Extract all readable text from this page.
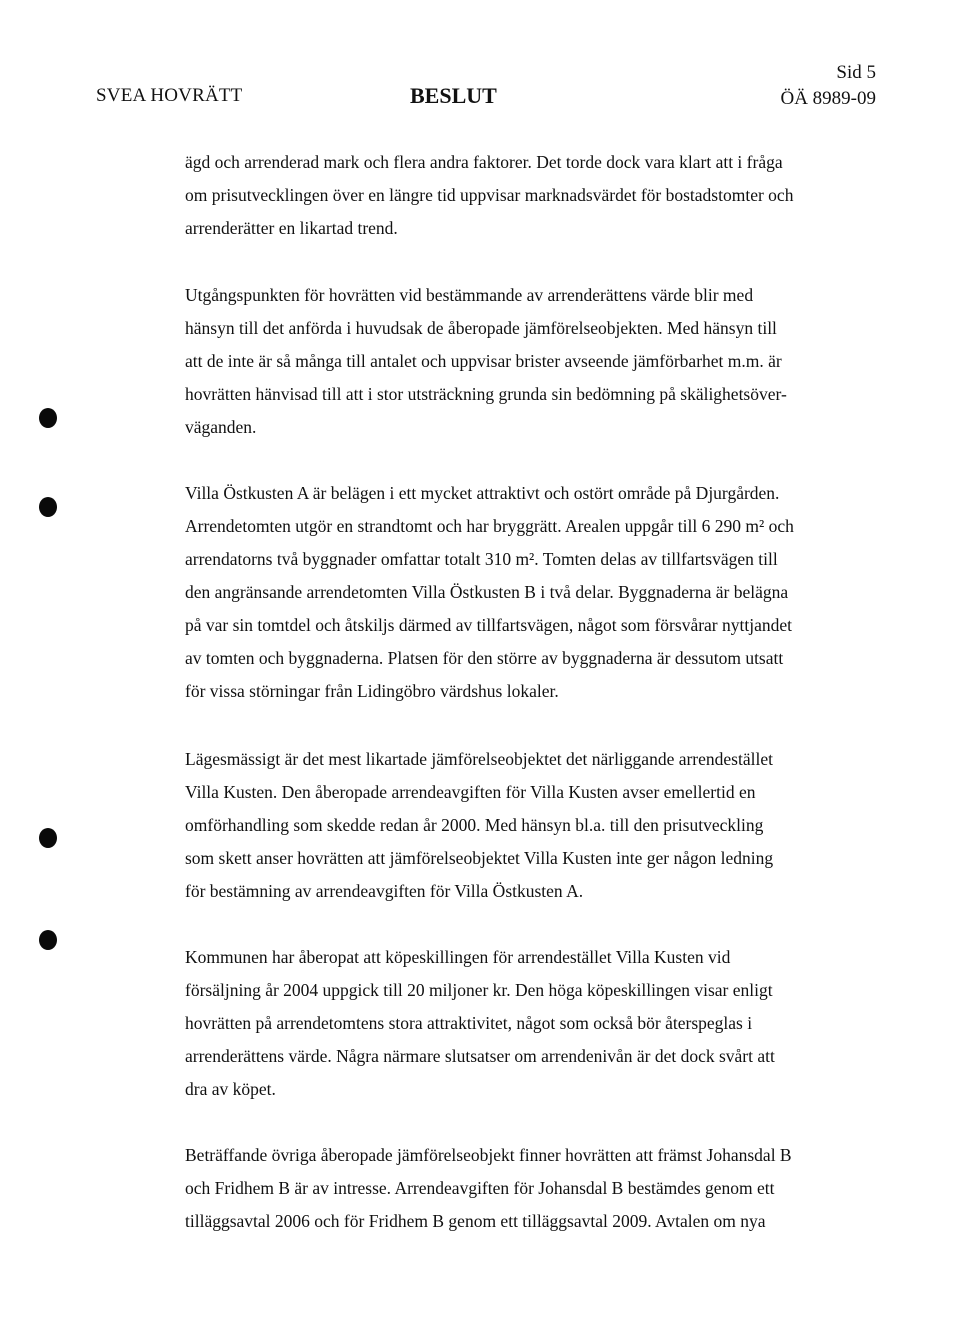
SVEA HOVRÄTT	BESLUT
Sid 5
ÖÄ 8989-09
ägd och arrenderad mark och flera andra faktorer. Det torde dock vara klart att i fråga
om prisutvecklingen över en längre tid uppvisar marknadsvärdet för bostadstomter och
arrenderätter en likartad trend.
Utgångspunkten för hovrätten vid bestämmande av arrenderättens värde blir med
hänsyn till det anförda i huvudsak de åberopade jämförelseobjekten. Med hänsyn till
att de inte är så många till antalet och uppvisar brister avseende jämförbarhet m.m. är
hovrätten hänvisad till att i stor utsträckning grunda sin bedömning på skälighetsöver-
väganden.
Villa Östkusten A är belägen i ett mycket attraktivt och ostört område på Djurgården.
Arrendetomten utgör en strandtomt och har bryggrätt. Arealen uppgår till 6 290 m² och
arrendatorns två byggnader omfattar totalt 310 m². Tomten delas av tillfartsvägen till
den angränsande arrendetomten Villa Östkusten B i två delar. Byggnaderna är belägna
på var sin tomtdel och åtskiljs därmed av tillfartsvägen, något som försvårar nyttjandet
av tomten och byggnaderna. Platsen för den större av byggnaderna är dessutom utsatt
för vissa störningar från Lidingöbro värdshus lokaler.
Lägesmässigt är det mest likartade jämförelseobjektet det närliggande arrendestället
Villa Kusten. Den åberopade arrendeavgiften för Villa Kusten avser emellertid en
omförhandling som skedde redan år 2000. Med hänsyn bl.a. till den prisutveckling
som skett anser hovrätten att jämförelseobjektet Villa Kusten inte ger någon ledning
för bestämning av arrendeavgiften för Villa Östkusten A.
Kommunen har åberopat att köpeskillingen för arrendestället Villa Kusten vid
försäljning år 2004 uppgick till 20 miljoner kr. Den höga köpeskillingen visar enligt
hovrätten på arrendetomtens stora attraktivitet, något som också bör återspeglas i
arrenderättens värde. Några närmare slutsatser om arrendenivån är det dock svårt att
dra av köpet.
Beträffande övriga åberopade jämförelseobjekt finner hovrätten att främst Johansdal B
och Fridhem B är av intresse. Arrendeavgiften för Johansdal B bestämdes genom ett
tilläggsavtal 2006 och för Fridhem B genom ett tilläggsavtal 2009. Avtalen om nya
